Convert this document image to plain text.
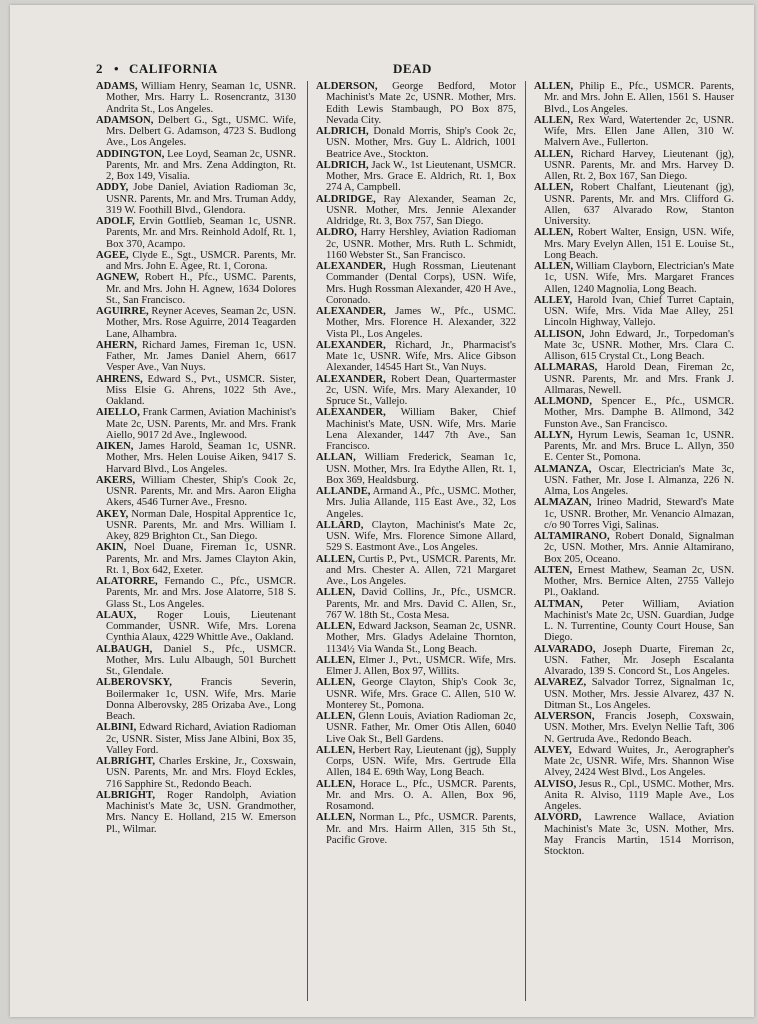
2 • CALIFORNIA	DEAD

ADAMS, William Henry, Seaman 1c, USNR. Mother, Mrs. Harry L. Rosencrantz, 3130 Andrita St., Los Angeles.

ADAMSON, Delbert G., Sgt., USMC. Wife, Mrs. Delbert G. Adamson, 4723 S. Budlong Ave., Los Angeles.

ADDINGTON, Lee Loyd, Seaman 2c, USNR. Parents, Mr. and Mrs. Zena Addington, Rt. 2, Box 149, Visalia.

ADDY, Jobe Daniel, Aviation Radioman 3c, USNR. Parents, Mr. and Mrs. Truman Addy, 319 W. Foothill Blvd., Glendora.

ADOLF, Ervin Gottlieb, Seaman 1c, USNR. Parents, Mr. and Mrs. Reinhold Adolf, Rt. 1, Box 370, Acampo.

AGEE, Clyde E., Sgt., USMCR. Parents, Mr. and Mrs. John E. Agee, Rt. 1, Corona.

AGNEW, Robert H., Pfc., USMC. Parents, Mr. and Mrs. John H. Agnew, 1634 Dolores St., San Francisco.

AGUIRRE, Reyner Aceves, Seaman 2c, USN. Mother, Mrs. Rose Aguirre, 2014 Teagarden Lane, Alhambra.

AHERN, Richard James, Fireman 1c, USN. Father, Mr. James Daniel Ahern, 6617 Vesper Ave., Van Nuys.

AHRENS, Edward S., Pvt., USMCR. Sister, Miss Elsie G. Ahrens, 1022 5th Ave., Oakland.

AIELLO, Frank Carmen, Aviation Machinist's Mate 2c, USN. Parents, Mr. and Mrs. Frank Aiello, 9017 2d Ave., Inglewood.

AIKEN, James Harold, Seaman 1c, USNR. Mother, Mrs. Helen Louise Aiken, 9417 S. Harvard Blvd., Los Angeles.

AKERS, William Chester, Ship's Cook 2c, USNR. Parents, Mr. and Mrs. Aaron Eligha Akers, 4546 Turner Ave., Fresno.

AKEY, Norman Dale, Hospital Apprentice 1c, USNR. Parents, Mr. and Mrs. William I. Akey, 829 Brighton Ct., San Diego.

AKIN, Noel Duane, Fireman 1c, USNR. Parents, Mr. and Mrs. James Clayton Akin, Rt. 1, Box 642, Exeter.

ALATORRE, Fernando C., Pfc., USMCR. Parents, Mr. and Mrs. Jose Alatorre, 518 S. Glass St., Los Angeles.

ALAUX, Roger Louis, Lieutenant Commander, USNR. Wife, Mrs. Lorena Cynthia Alaux, 4229 Whittle Ave., Oakland.

ALBAUGH, Daniel S., Pfc., USMCR. Mother, Mrs. Lulu Albaugh, 501 Burchett St., Glendale.

ALBEROVSKY, Francis Severin, Boilermaker 1c, USN. Wife, Mrs. Marie Donna Alberovsky, 285 Orizaba Ave., Long Beach.

ALBINI, Edward Richard, Aviation Radioman 2c, USNR. Sister, Miss Jane Albini, Box 35, Valley Ford.

ALBRIGHT, Charles Erskine, Jr., Coxswain, USN. Parents, Mr. and Mrs. Floyd Eckles, 716 Sapphire St., Redondo Beach.

ALBRIGHT, Roger Randolph, Aviation Machinist's Mate 3c, USN. Grandmother, Mrs. Nancy E. Holland, 215 W. Emerson Pl., Wilmar.

ALDERSON, George Bedford, Motor Machinist's Mate 2c, USNR. Mother, Mrs. Edith Lewis Stambaugh, PO Box 875, Nevada City.

ALDRICH, Donald Morris, Ship's Cook 2c, USN. Mother, Mrs. Guy L. Aldrich, 1001 Beatrice Ave., Stockton.

ALDRICH, Jack W., 1st Lieutenant, USMCR. Mother, Mrs. Grace E. Aldrich, Rt. 1, Box 274 A, Campbell.

ALDRIDGE, Ray Alexander, Seaman 2c, USNR. Mother, Mrs. Jennie Alexander Aldridge, Rt. 3, Box 757, San Diego.

ALDRO, Harry Hershley, Aviation Radioman 2c, USNR. Mother, Mrs. Ruth L. Schmidt, 1160 Webster St., San Francisco.

ALEXANDER, Hugh Rossman, Lieutenant Commander (Dental Corps), USN. Wife, Mrs. Hugh Rossman Alexander, 420 H Ave., Coronado.

ALEXANDER, James W., Pfc., USMC. Mother, Mrs. Florence H. Alexander, 322 Vista Pl., Los Angeles.

ALEXANDER, Richard, Jr., Pharmacist's Mate 1c, USNR. Wife, Mrs. Alice Gibson Alexander, 14545 Hart St., Van Nuys.

ALEXANDER, Robert Dean, Quartermaster 2c, USN. Wife, Mrs. Mary Alexander, 10 Spruce St., Vallejo.

ALEXANDER, William Baker, Chief Machinist's Mate, USN. Wife, Mrs. Marie Lena Alexander, 1447 7th Ave., San Francisco.

ALLAN, William Frederick, Seaman 1c, USN. Mother, Mrs. Ira Edythe Allen, Rt. 1, Box 369, Healdsburg.

ALLANDE, Armand A., Pfc., USMC. Mother, Mrs. Julia Allande, 115 East Ave., 32, Los Angeles.

ALLARD, Clayton, Machinist's Mate 2c, USN. Wife, Mrs. Florence Simone Allard, 529 S. Eastmont Ave., Los Angeles.

ALLEN, Curtis P., Pvt., USMCR. Parents, Mr. and Mrs. Chester A. Allen, 721 Margaret Ave., Los Angeles.

ALLEN, David Collins, Jr., Pfc., USMCR. Parents, Mr. and Mrs. David C. Allen, Sr., 767 W. 18th St., Costa Mesa.

ALLEN, Edward Jackson, Seaman 2c, USNR. Mother, Mrs. Gladys Adelaine Thornton, 1134½ Via Wanda St., Long Beach.

ALLEN, Elmer J., Pvt., USMCR. Wife, Mrs. Elmer J. Allen, Box 97, Willits.

ALLEN, George Clayton, Ship's Cook 3c, USNR. Wife, Mrs. Grace C. Allen, 510 W. Monterey St., Pomona.

ALLEN, Glenn Louis, Aviation Radioman 2c, USNR. Father, Mr. Omer Otis Allen, 6040 Live Oak St., Bell Gardens.

ALLEN, Herbert Ray, Lieutenant (jg), Supply Corps, USN. Wife, Mrs. Gertrude Ella Allen, 184 E. 69th Way, Long Beach.

ALLEN, Horace L., Pfc., USMCR. Parents, Mr. and Mrs. O. A. Allen, Box 96, Rosamond.

ALLEN, Norman L., Pfc., USMCR. Parents, Mr. and Mrs. Hairm Allen, 315 5th St., Pacific Grove.

ALLEN, Philip E., Pfc., USMCR. Parents, Mr. and Mrs. John E. Allen, 1561 S. Hauser Blvd., Los Angeles.

ALLEN, Rex Ward, Watertender 2c, USNR. Wife, Mrs. Ellen Jane Allen, 310 W. Malvern Ave., Fullerton.

ALLEN, Richard Harvey, Lieutenant (jg), USNR. Parents, Mr. and Mrs. Harvey D. Allen, Rt. 2, Box 167, San Diego.

ALLEN, Robert Chalfant, Lieutenant (jg), USNR. Parents, Mr. and Mrs. Clifford G. Allen, 637 Alvarado Row, Stanton University.

ALLEN, Robert Walter, Ensign, USN. Wife, Mrs. Mary Evelyn Allen, 151 E. Louise St., Long Beach.

ALLEN, William Clayborn, Electrician's Mate 1c, USN. Wife, Mrs. Margaret Frances Allen, 1240 Magnolia, Long Beach.

ALLEY, Harold Ivan, Chief Turret Captain, USN. Wife, Mrs. Vida Mae Alley, 251 Lincoln Highway, Vallejo.

ALLISON, John Edward, Jr., Torpedoman's Mate 3c, USNR. Mother, Mrs. Clara C. Allison, 615 Crystal Ct., Long Beach.

ALLMARAS, Harold Dean, Fireman 2c, USNR. Parents, Mr. and Mrs. Frank J. Allmaras, Newell.

ALLMOND, Spencer E., Pfc., USMCR. Mother, Mrs. Damphe B. Allmond, 342 Funston Ave., San Francisco.

ALLYN, Hyrum Lewis, Seaman 1c, USNR. Parents, Mr. and Mrs. Bruce L. Allyn, 350 E. Center St., Pomona.

ALMANZA, Oscar, Electrician's Mate 3c, USN. Father, Mr. Jose I. Almanza, 226 N. Alma, Los Angeles.

ALMAZAN, Irineo Madrid, Steward's Mate 1c, USNR. Brother, Mr. Venancio Almazan, c/o 90 Torres Vigi, Salinas.

ALTAMIRANO, Robert Donald, Signalman 2c, USN. Mother, Mrs. Annie Altamirano, Box 205, Oceano.

ALTEN, Ernest Mathew, Seaman 2c, USN. Mother, Mrs. Bernice Alten, 2755 Vallejo Pl., Oakland.

ALTMAN, Peter William, Aviation Machinist's Mate 2c, USN. Guardian, Judge L. N. Turrentine, County Court House, San Diego.

ALVARADO, Joseph Duarte, Fireman 2c, USN. Father, Mr. Joseph Escalanta Alvarado, 139 S. Concord St., Los Angeles.

ALVAREZ, Salvador Torrez, Signalman 1c, USN. Mother, Mrs. Jessie Alvarez, 437 N. Ditman St., Los Angeles.

ALVERSON, Francis Joseph, Coxswain, USN. Mother, Mrs. Evelyn Nellie Taft, 306 N. Gertruda Ave., Redondo Beach.

ALVEY, Edward Wuites, Jr., Aerographer's Mate 2c, USNR. Wife, Mrs. Shannon Wise Alvey, 2424 West Blvd., Los Angeles.

ALVISO, Jesus R., Cpl., USMC. Mother, Mrs. Anita R. Alviso, 1119 Maple Ave., Los Angeles.

ALVORD, Lawrence Wallace, Aviation Machinist's Mate 3c, USN. Mother, Mrs. May Francis Martin, 1514 Morrison, Stockton.
